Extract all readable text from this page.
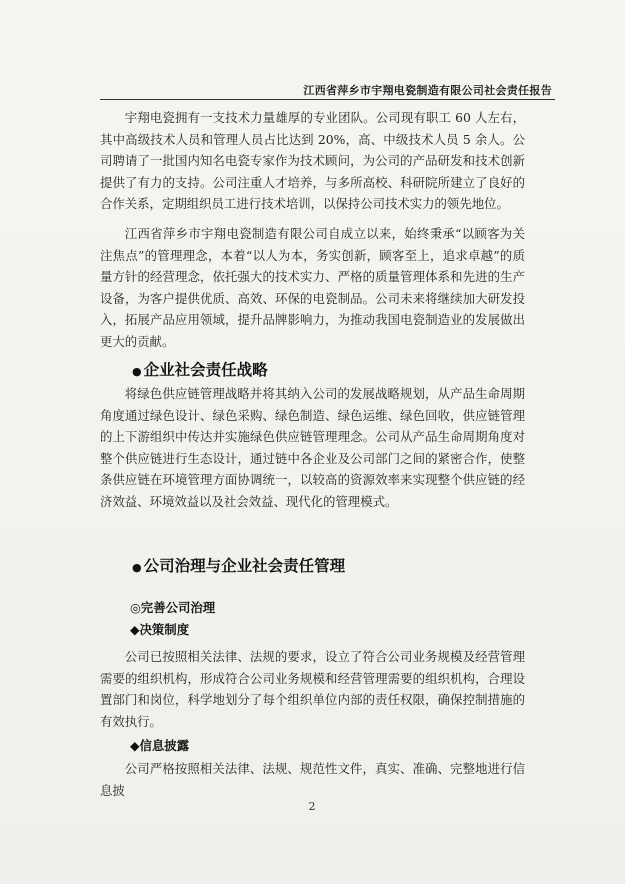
江西省萍乡市宇翔电瓷制造有限公司社会责任报告

宇翔电瓷拥有一支技术力量雄厚的专业团队。公司现有职工 60 人左右，其中高级技术人员和管理人员占比达到 20%，高、中级技术人员 5 余人。公司聘请了一批国内知名电瓷专家作为技术顾问，为公司的产品研发和技术创新提供了有力的支持。公司注重人才培养，与多所高校、科研院所建立了良好的合作关系，定期组织员工进行技术培训，以保持公司技术实力的领先地位。

江西省萍乡市宇翔电瓷制造有限公司自成立以来，始终秉承“以顾客为关注焦点”的管理理念，本着“以人为本，务实创新，顾客至上，追求卓越”的质量方针的经营理念，依托强大的技术实力、严格的质量管理体系和先进的生产设备，为客户提供优质、高效、环保的电瓷制品。公司未来将继续加大研发投入，拓展产品应用领域，提升品牌影响力，为推动我国电瓷制造业的发展做出更大的贡献。

● 企业社会责任战略

将绿色供应链管理战略并将其纳入公司的发展战略规划，从产品生命周期角度通过绿色设计、绿色采购、绿色制造、绿色运维、绿色回收，供应链管理的上下游组织中传达并实施绿色供应链管理理念。公司从产品生命周期角度对整个供应链进行生态设计，通过链中各企业及公司部门之间的紧密合作，使整条供应链在环境管理方面协调统一，以较高的资源效率来实现整个供应链的经济效益、环境效益以及社会效益、现代化的管理模式。

● 公司治理与企业社会责任管理
◎完善公司治理
◆决策制度

公司已按照相关法律、法规的要求，设立了符合公司业务规模及经营管理需要的组织机构，形成符合公司业务规模和经营管理需要的组织机构，合理设置部门和岗位，科学地划分了每个组织单位内部的责任权限，确保控制措施的有效执行。

◆信息披露

公司严格按照相关法律、法规、规范性文件，真实、准确、完整地进行信息披

2
